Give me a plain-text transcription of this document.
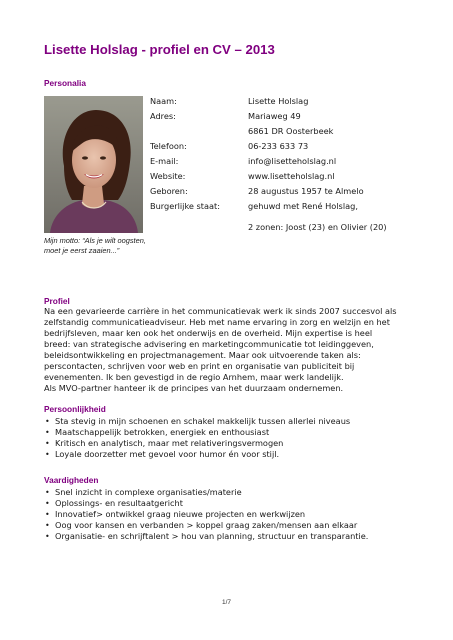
Lisette Holslag - profiel en CV – 2013
Personalia

Mijn motto: “Als je wilt oogsten,
moet je eerst zaaien...”

Naam:	Lisette Holslag
Adres:	Mariaweg 49
6861 DR Oosterbeek
Telefoon:	06-233 633 73
E-mail:	info@lisetteholslag.nl
Website:	www.lisetteholslag.nl
Geboren:	28 augustus 1957 te Almelo
Burgerlijke staat:	gehuwd met René Holslag,
2 zonen: Joost (23) en Olivier (20)
Profiel

Na een gevarieerde carrière in het communicatievak werk ik sinds 2007 succesvol als
zelfstandig communicatieadviseur. Heb met name ervaring in zorg en welzijn en het
bedrijfsleven, maar ken ook het onderwijs en de overheid. Mijn expertise is heel
breed: van strategische advisering en marketingcommunicatie tot leidinggeven,
beleidsontwikkeling en projectmanagement. Maar ook uitvoerende taken als:
perscontacten, schrijven voor web en print en organisatie van publiciteit bij
evenementen. Ik ben gevestigd in de regio Arnhem, maar werk landelijk.
Als MVO-partner hanteer ik de principes van het duurzaam ondernemen.

Persoonlijkheid
• Sta stevig in mijn schoenen en schakel makkelijk tussen allerlei niveaus
• Maatschappelijk betrokken, energiek en enthousiast
• Kritisch en analytisch, maar met relativeringsvermogen
• Loyale doorzetter met gevoel voor humor én voor stijl.
Vaardigheden
• Snel inzicht in complexe organisaties/materie
• Oplossings- en resultaatgericht
• Innovatief> ontwikkel graag nieuwe projecten en werkwijzen
• Oog voor kansen en verbanden > koppel graag zaken/mensen aan elkaar
• Organisatie- en schrijftalent > hou van planning, structuur en transparantie.
1/7
